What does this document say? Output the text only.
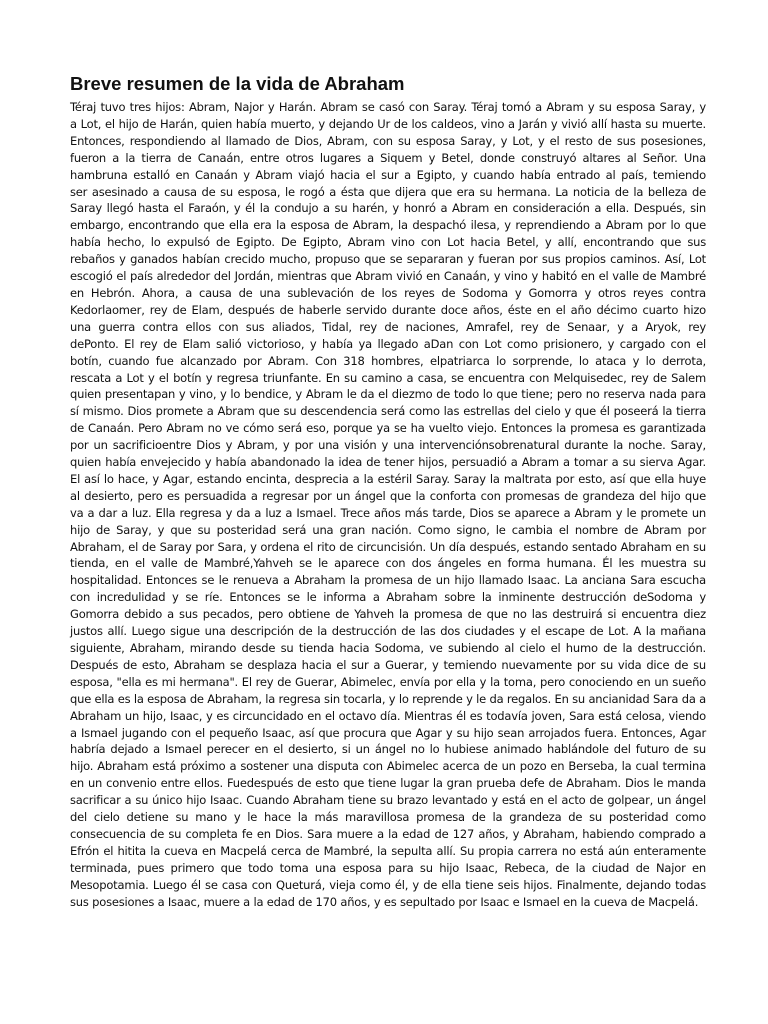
Breve resumen de la vida de Abraham
Téraj tuvo tres hijos: Abram, Najor y Harán. Abram se casó con Saray. Téraj tomó a Abram y su esposa Saray, y
a Lot, el hijo de Harán, quien había muerto, y dejando Ur de los caldeos, vino a Jarán y vivió allí hasta su muerte.
Entonces, respondiendo al llamado de Dios, Abram, con su esposa Saray, y Lot, y el resto de sus posesiones,
fueron a la tierra de Canaán, entre otros lugares a Siquem y Betel, donde construyó altares al Señor. Una
hambruna estalló en Canaán y Abram viajó hacia el sur a Egipto, y cuando había entrado al país, temiendo
ser asesinado a causa de su esposa, le rogó a ésta que dijera que era su hermana. La noticia de la belleza de
Saray llegó hasta el Faraón, y él la condujo a su harén, y honró a Abram en consideración a ella. Después, sin
embargo, encontrando que ella era la esposa de Abram, la despachó ilesa, y reprendiendo a Abram por lo que
había hecho, lo expulsó de Egipto. De Egipto, Abram vino con Lot hacia Betel, y allí, encontrando que sus
rebaños y ganados habían crecido mucho, propuso que se separaran y fueran por sus propios caminos. Así, Lot
escogió el país alrededor del Jordán, mientras que Abram vivió en Canaán, y vino y habitó en el valle de Mambré
en Hebrón. Ahora, a causa de una sublevación de los reyes de Sodoma y Gomorra y otros reyes contra
Kedorlaomer, rey de Elam, después de haberle servido durante doce años, éste en el año décimo cuarto hizo
una guerra contra ellos con sus aliados, Tidal, rey de naciones, Amrafel, rey de Senaar, y a Aryok, rey
dePonto. El rey de Elam salió victorioso, y había ya llegado aDan con Lot como prisionero, y cargado con el
botín, cuando fue alcanzado por Abram. Con 318 hombres, elpatriarca lo sorprende, lo ataca y lo derrota,
rescata a Lot y el botín y regresa triunfante. En su camino a casa, se encuentra con Melquisedec, rey de Salem
quien presentapan y vino, y lo bendice, y Abram le da el diezmo de todo lo que tiene; pero no reserva nada para
sí mismo. Dios promete a Abram que su descendencia será como las estrellas del cielo y que él poseerá la tierra
de Canaán. Pero Abram no ve cómo será eso, porque ya se ha vuelto viejo. Entonces la promesa es garantizada
por un sacrificioentre Dios y Abram, y por una visión y una intervenciónsobrenatural durante la noche. Saray,
quien había envejecido y había abandonado la idea de tener hijos, persuadió a Abram a tomar a su sierva Agar.
El así lo hace, y Agar, estando encinta, desprecia a la estéril Saray. Saray la maltrata por esto, así que ella huye
al desierto, pero es persuadida a regresar por un ángel que la conforta con promesas de grandeza del hijo que
va a dar a luz. Ella regresa y da a luz a Ismael. Trece años más tarde, Dios se aparece a Abram y le promete un
hijo de Saray, y que su posteridad será una gran nación. Como signo, le cambia el nombre de Abram por
Abraham, el de Saray por Sara, y ordena el rito de circuncisión. Un día después, estando sentado Abraham en su
tienda, en el valle de Mambré,Yahveh se le aparece con dos ángeles en forma humana. Él les muestra su
hospitalidad. Entonces se le renueva a Abraham la promesa de un hijo llamado Isaac. La anciana Sara escucha
con incredulidad y se ríe. Entonces se le informa a Abraham sobre la inminente destrucción deSodoma y
Gomorra debido a sus pecados, pero obtiene de Yahveh la promesa de que no las destruirá si encuentra diez
justos allí. Luego sigue una descripción de la destrucción de las dos ciudades y el escape de Lot. A la mañana
siguiente, Abraham, mirando desde su tienda hacia Sodoma, ve subiendo al cielo el humo de la destrucción.
Después de esto, Abraham se desplaza hacia el sur a Guerar, y temiendo nuevamente por su vida dice de su
esposa, "ella es mi hermana". El rey de Guerar, Abimelec, envía por ella y la toma, pero conociendo en un sueño
que ella es la esposa de Abraham, la regresa sin tocarla, y lo reprende y le da regalos. En su ancianidad Sara da a
Abraham un hijo, Isaac, y es circuncidado en el octavo día. Mientras él es todavía joven, Sara está celosa, viendo
a Ismael jugando con el pequeño Isaac, así que procura que Agar y su hijo sean arrojados fuera. Entonces, Agar
habría dejado a Ismael perecer en el desierto, si un ángel no lo hubiese animado hablándole del futuro de su
hijo. Abraham está próximo a sostener una disputa con Abimelec acerca de un pozo en Berseba, la cual termina
en un convenio entre ellos. Fuedespués de esto que tiene lugar la gran prueba defe de Abraham. Dios le manda
sacrificar a su único hijo Isaac. Cuando Abraham tiene su brazo levantado y está en el acto de golpear, un ángel
del cielo detiene su mano y le hace la más maravillosa promesa de la grandeza de su posteridad como
consecuencia de su completa fe en Dios. Sara muere a la edad de 127 años, y Abraham, habiendo comprado a
Efrón el hitita la cueva en Macpelá cerca de Mambré, la sepulta allí. Su propia carrera no está aún enteramente
terminada, pues primero que todo toma una esposa para su hijo Isaac, Rebeca, de la ciudad de Najor en
Mesopotamia. Luego él se casa con Queturá, vieja como él, y de ella tiene seis hijos. Finalmente, dejando todas
sus posesiones a Isaac, muere a la edad de 170 años, y es sepultado por Isaac e Ismael en la cueva de Macpelá.
